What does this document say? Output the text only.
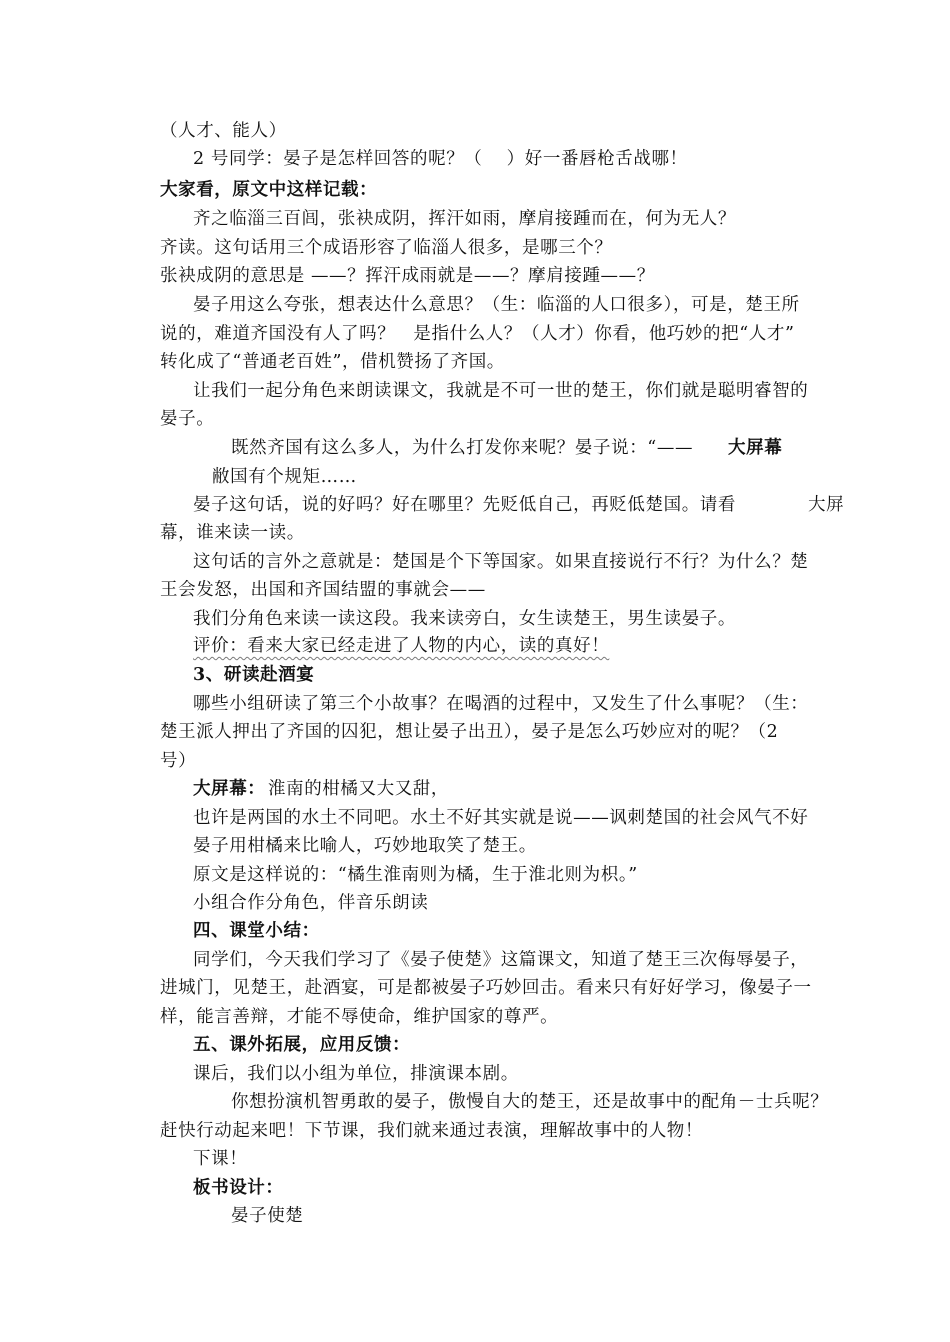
（人才、能人）
2 号同学：晏子是怎样回答的呢？（　 ）好一番唇枪舌战哪！
大家看，原文中这样记载：
齐之临淄三百闾，张袂成阴，挥汗如雨，摩肩接踵而在，何为无人？
齐读。这句话用三个成语形容了临淄人很多，是哪三个？
张袂成阴的意思是 ——？挥汗成雨就是——？摩肩接踵——？
晏子用这么夸张，想表达什么意思？（生：临淄的人口很多），可是，楚王所
说的，难道齐国没有人了吗？　是指什么人？（人才）你看，他巧妙的把“人才”
转化成了“普通老百姓”，借机赞扬了齐国。
让我们一起分角色来朗读课文，我就是不可一世的楚王，你们就是聪明睿智的
晏子。
既然齐国有这么多人，为什么打发你来呢？晏子说：“—— 大屏幕
敝国有个规矩……
晏子这句话，说的好吗？好在哪里？先贬低自己，再贬低楚国。请看	大屏
幕，谁来读一读。
这句话的言外之意就是：楚国是个下等国家。如果直接说行不行？为什么？楚
王会发怒，出国和齐国结盟的事就会——
我们分角色来读一读这段。我来读旁白，女生读楚王，男生读晏子。
评价：看来大家已经走进了人物的内心，读的真好！
3、研读赴酒宴
哪些小组研读了第三个小故事？在喝酒的过程中，又发生了什么事呢？（生：
楚王派人押出了齐国的囚犯，想让晏子出丑），晏子是怎么巧妙应对的呢？（2
号）
大屏幕： 淮南的柑橘又大又甜，
也许是两国的水土不同吧。水土不好其实就是说——讽刺楚国的社会风气不好
晏子用柑橘来比喻人，巧妙地取笑了楚王。
原文是这样说的：“橘生淮南则为橘，生于淮北则为枳。”
小组合作分角色，伴音乐朗读
四、课堂小结：
同学们，今天我们学习了《晏子使楚》这篇课文，知道了楚王三次侮辱晏子，
进城门，见楚王，赴酒宴，可是都被晏子巧妙回击。看来只有好好学习，像晏子一
样，能言善辩，才能不辱使命，维护国家的尊严。
五、课外拓展，应用反馈：
课后，我们以小组为单位，排演课本剧。
你想扮演机智勇敢的晏子，傲慢自大的楚王，还是故事中的配角－士兵呢？
赶快行动起来吧！下节课，我们就来通过表演，理解故事中的人物！
下课！
板书设计：
晏子使楚
